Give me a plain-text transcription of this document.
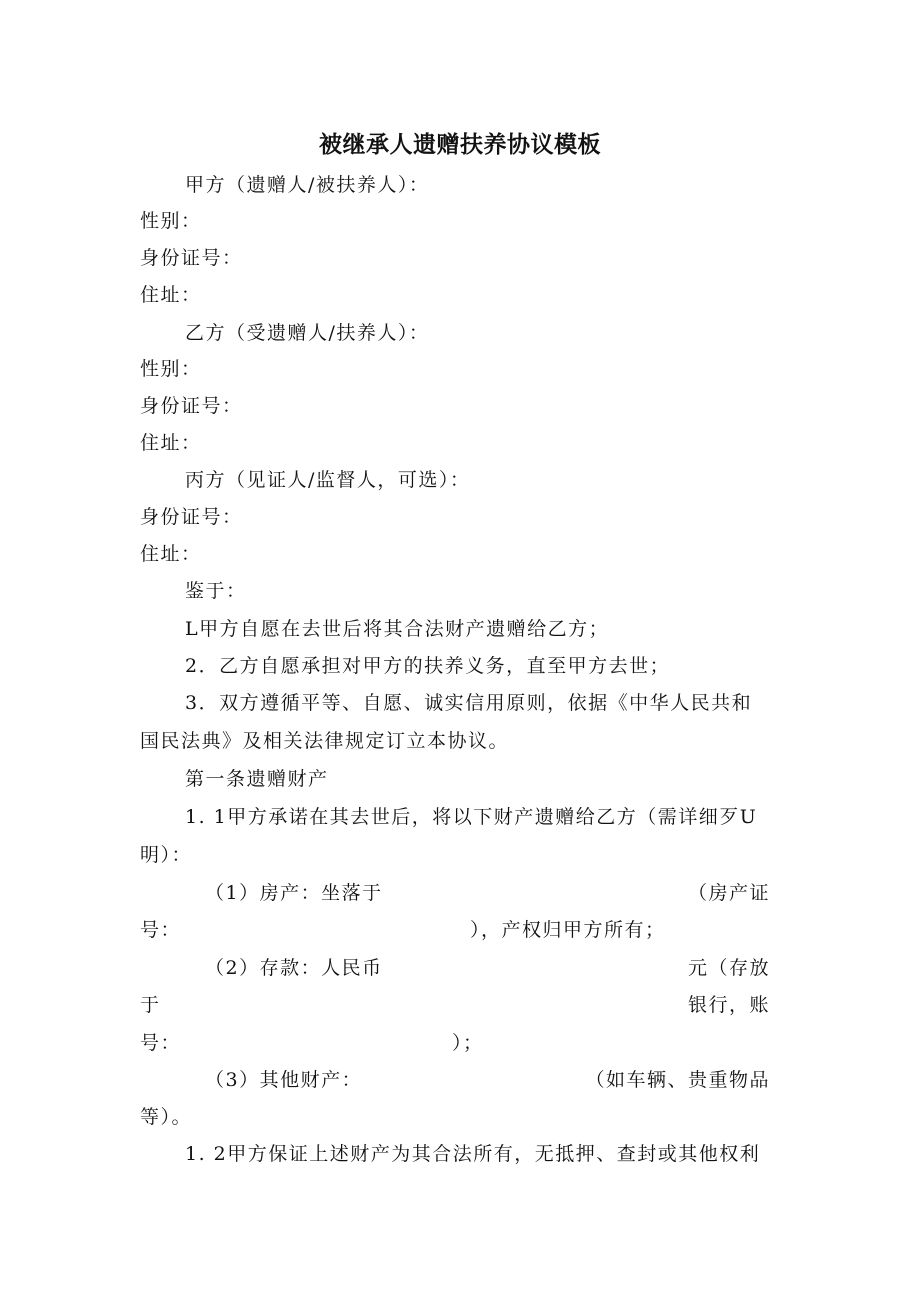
被继承人遗赠扶养协议模板
甲方（遗赠人/被扶养人）：
性别：
身份证号：
住址：
乙方（受遗赠人/扶养人）：
性别：
身份证号：
住址：
丙方（见证人/监督人，可选）：
身份证号：
住址：
鉴于：
L甲方自愿在去世后将其合法财产遗赠给乙方；
2．乙方自愿承担对甲方的扶养义务，直至甲方去世；
3．双方遵循平等、自愿、诚实信用原则，依据《中华人民共和
国民法典》及相关法律规定订立本协议。
第一条遗赠财产
1. 1甲方承诺在其去世后，将以下财产遗赠给乙方（需详细歹U
明）：
（1）房产：坐落于	（房产证
号：	），产权归甲方所有；
（2）存款：人民币	元（存放
于	银行，账
号：	）；
（3）其他财产：	（如车辆、贵重物品
等）。
1. 2甲方保证上述财产为其合法所有，无抵押、查封或其他权利
